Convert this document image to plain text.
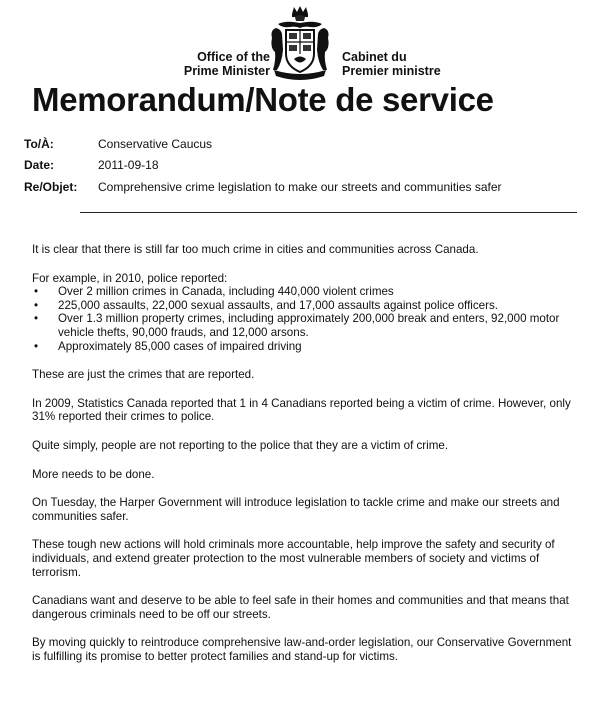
Office of the
Prime Minister
Cabinet du
Premier ministre
Memorandum/Note de service
To/À:	Conservative Caucus
Date:	2011-09-18
Re/Objet: Comprehensive crime legislation to make our streets and communities safer

It is clear that there is still far too much crime in cities and communities across Canada.

For example, in 2010, police reported:

• Over 2 million crimes in Canada, including 440,000 violent crimes
• 225,000 assaults, 22,000 sexual assaults, and 17,000 assaults against police officers.
• Over 1.3 million property crimes, including approximately 200,000 break and enters, 92,000 motor vehicle thefts, 90,000 frauds, and 12,000 arsons.
• Approximately 85,000 cases of impaired driving

These are just the crimes that are reported.

In 2009, Statistics Canada reported that 1 in 4 Canadians reported being a victim of crime. However, only 31% reported their crimes to police.

Quite simply, people are not reporting to the police that they are a victim of crime.

More needs to be done.

On Tuesday, the Harper Government will introduce legislation to tackle crime and make our streets and communities safer.

These tough new actions will hold criminals more accountable, help improve the safety and security of individuals, and extend greater protection to the most vulnerable members of society and victims of terrorism.

Canadians want and deserve to be able to feel safe in their homes and communities and that means that dangerous criminals need to be off our streets.

By moving quickly to reintroduce comprehensive law-and-order legislation, our Conservative Government is fulfilling its promise to better protect families and stand-up for victims.
